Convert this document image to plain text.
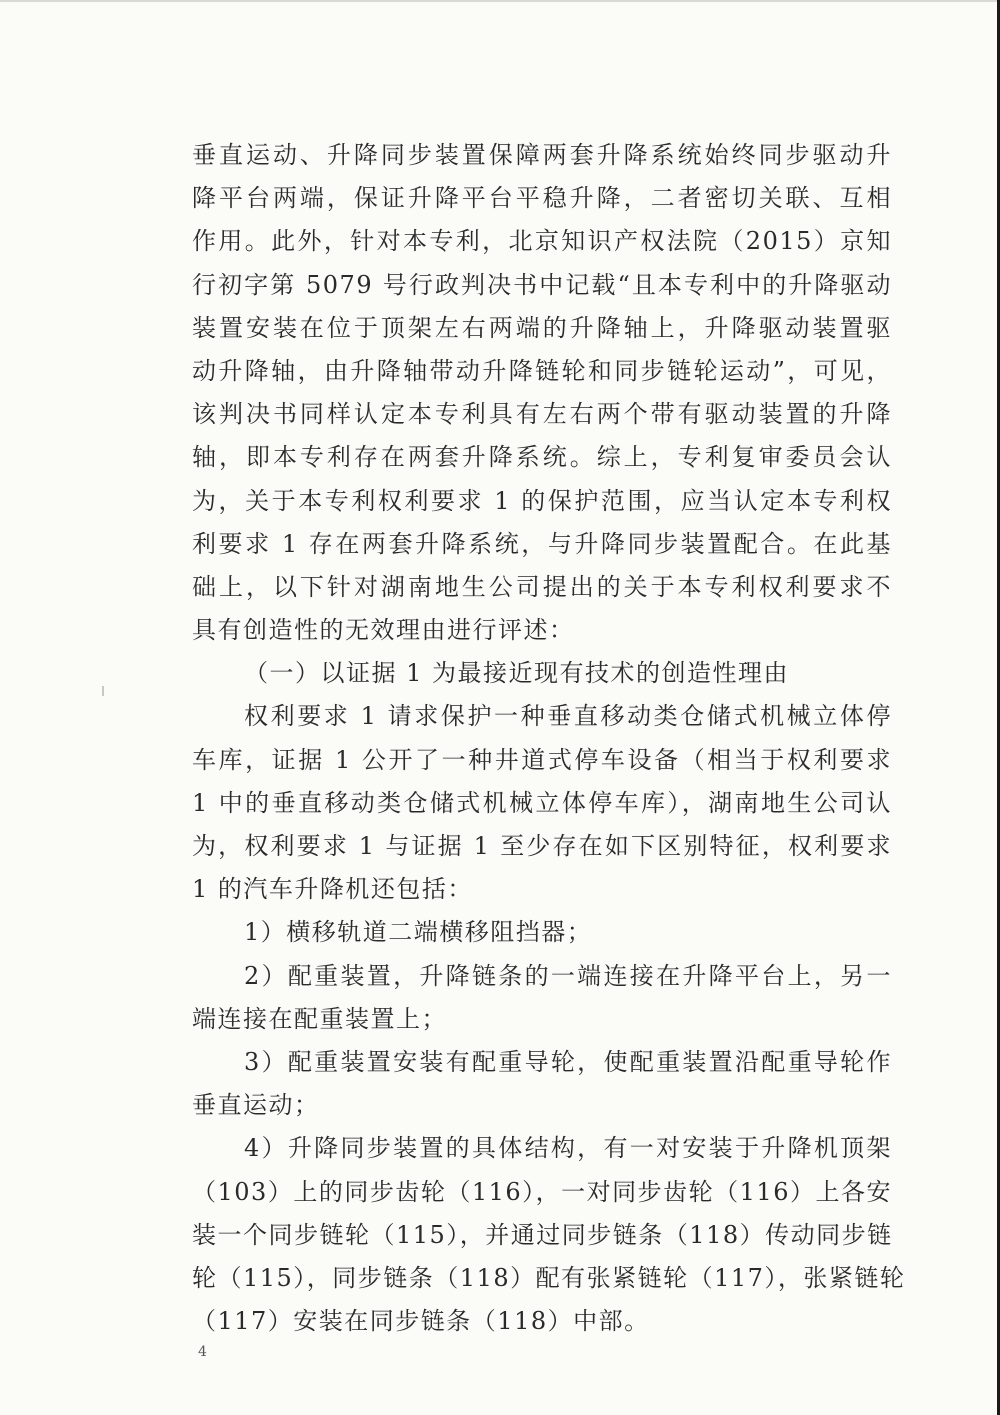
垂直运动、升降同步装置保障两套升降系统始终同步驱动升
降平台两端，保证升降平台平稳升降，二者密切关联、互相
作用。此外，针对本专利，北京知识产权法院（2015）京知
行初字第 5079 号行政判决书中记载“且本专利中的升降驱动
装置安装在位于顶架左右两端的升降轴上，升降驱动装置驱
动升降轴，由升降轴带动升降链轮和同步链轮运动”，可见，
该判决书同样认定本专利具有左右两个带有驱动装置的升降
轴，即本专利存在两套升降系统。综上，专利复审委员会认
为，关于本专利权利要求 1 的保护范围，应当认定本专利权
利要求 1 存在两套升降系统，与升降同步装置配合。在此基
础上，以下针对湖南地生公司提出的关于本专利权利要求不
具有创造性的无效理由进行评述：
（一）以证据 1 为最接近现有技术的创造性理由
权利要求 1 请求保护一种垂直移动类仓储式机械立体停
车库，证据 1 公开了一种井道式停车设备（相当于权利要求
1 中的垂直移动类仓储式机械立体停车库），湖南地生公司认
为，权利要求 1 与证据 1 至少存在如下区别特征，权利要求
1 的汽车升降机还包括：
1）横移轨道二端横移阻挡器；
2）配重装置，升降链条的一端连接在升降平台上，另一
端连接在配重装置上；
3）配重装置安装有配重导轮，使配重装置沿配重导轮作
垂直运动；
4）升降同步装置的具体结构，有一对安装于升降机顶架
（103）上的同步齿轮（116），一对同步齿轮（116）上各安
装一个同步链轮（115），并通过同步链条（118）传动同步链
轮（115），同步链条（118）配有张紧链轮（117），张紧链轮
（117）安装在同步链条（118）中部。
4
